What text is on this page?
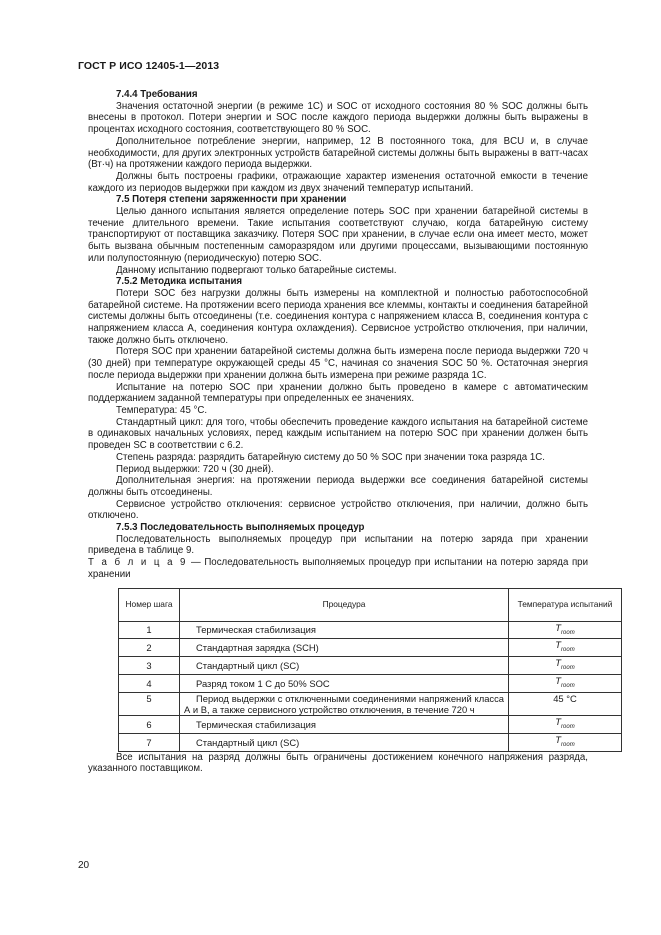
ГОСТ Р ИСО 12405-1—2013

7.4.4 Требования

Значения остаточной энергии (в режиме 1C) и SOC от исходного состояния 80 % SOC должны быть внесены в протокол. Потери энергии и SOC после каждого периода выдержки должны быть выражены в процентах исходного состояния, соответствующего 80 % SOC.

Дополнительное потребление энергии, например, 12 В постоянного тока, для BCU и, в случае необходимости, для других электронных устройств батарейной системы должны быть выражены в ватт-часах (Вт·ч) на протяжении каждого периода выдержки.

Должны быть построены графики, отражающие характер изменения остаточной емкости в течение каждого из периодов выдержки при каждом из двух значений температур испытаний.

7.5 Потеря степени заряженности при хранении

Целью данного испытания является определение потерь SOC при хранении батарейной системы в течение длительного времени. Такие испытания соответствуют случаю, когда батарейную систему транспортируют от поставщика заказчику. Потеря SOC при хранении, в случае если она имеет место, может быть вызвана обычным постепенным саморазрядом или другими процессами, вызывающими постоянную или полупостоянную (периодическую) потерю SOC.

Данному испытанию подвергают только батарейные системы.

7.5.2 Методика испытания

Потери SOC без нагрузки должны быть измерены на комплектной и полностью работоспособной батарейной системе. На протяжении всего периода хранения все клеммы, контакты и соединения батарейной системы должны быть отсоединены (т.е. соединения контура с напряжением класса B, соединения контура с напряжением класса A, соединения контура охлаждения). Сервисное устройство отключения, при наличии, также должно быть отключено.

Потеря SOC при хранении батарейной системы должна быть измерена после периода выдержки 720 ч (30 дней) при температуре окружающей среды 45 °С, начиная со значения SOC 50 %. Остаточная энергия после периода выдержки при хранении должна быть измерена при режиме разряда 1С.

Испытание на потерю SOC при хранении должно быть проведено в камере с автоматическим поддержанием заданной температуры при определенных ее значениях.

Температура: 45 °С.

Стандартный цикл: для того, чтобы обеспечить проведение каждого испытания на батарейной системе в одинаковых начальных условиях, перед каждым испытанием на потерю SOC при хранении должен быть проведен SC в соответствии с 6.2.

Степень разряда: разрядить батарейную систему до 50 % SOC при значении тока разряда 1С.

Период выдержки: 720 ч (30 дней).

Дополнительная энергия: на протяжении периода выдержки все соединения батарейной системы должны быть отсоединены.

Сервисное устройство отключения: сервисное устройство отключения, при наличии, должно быть отключено.

7.5.3 Последовательность выполняемых процедур

Последовательность выполняемых процедур при испытании на потерю заряда при хранении приведена в таблице 9.

Т а б л и ц а 9 — Последовательность выполняемых процедур при испытании на потерю заряда при хранении

Номер шага	Процедура	Температура испытаний
1	Термическая стабилизация	$T_{room}$
2	Стандартная зарядка (SCH)	$T_{room}$
3	Стандартный цикл (SC)	$T_{room}$
4	Разряд током 1 C до 50% SOC	$T_{room}$
5	Период выдержки с отключенными соединениями напряжений класса А и В, а также сервисного устройство отключения, в течение 720 ч	45 °С
6	Термическая стабилизация	$T_{room}$
7	Стандартный цикл (SC)	$T_{room}$

Все испытания на разряд должны быть ограничены достижением конечного напряжения разряда, указанного поставщиком.

20
